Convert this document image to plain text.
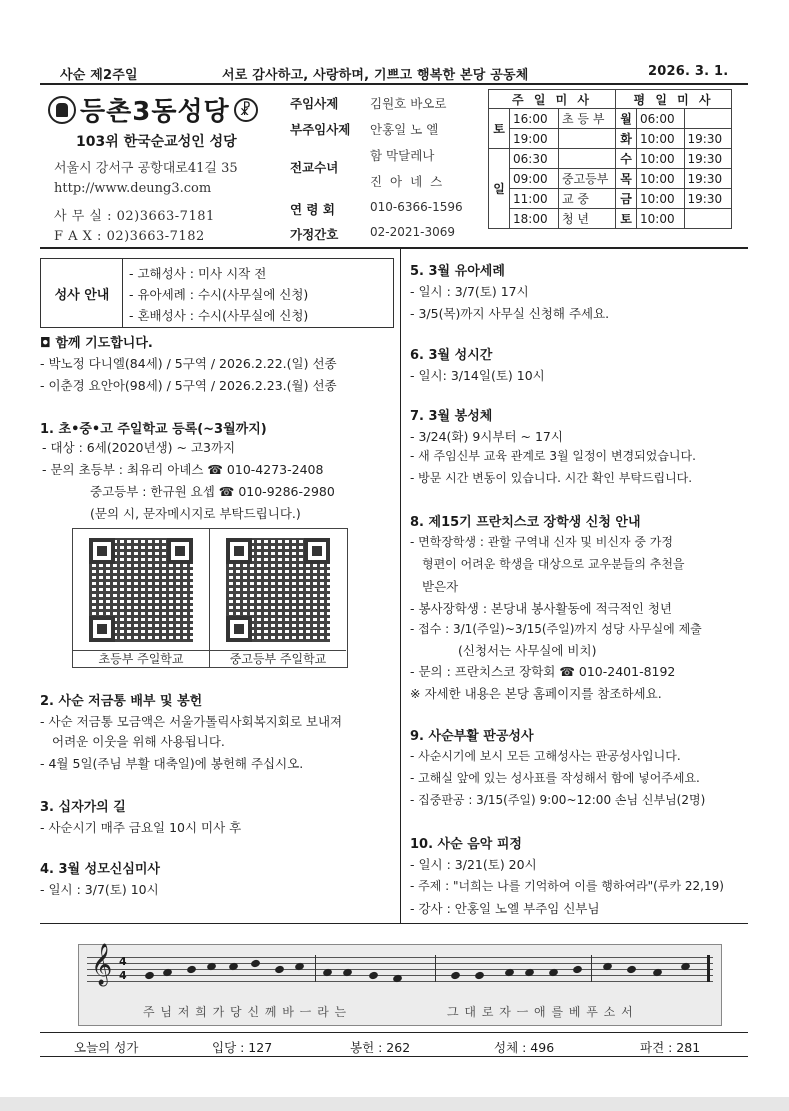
사순 제2주일	서로 감사하고, 사랑하며, 기쁘고 행복한 본당 공동체	2026. 3. 1.
등촌3동성당 ☧
103위 한국순교성인 성당
서울시 강서구 공항대로41길 35
http://www.deung3.com
사 무 실 : 02)3663-7181
F A X : 02)3663-7182
주임사제	김원호 바오로
부주임사제	안홍일 노 엘
전교수녀
함 막달레나
진 아 네 스
연 령 회	010-6366-1596
가정간호	02-2021-3069
주 일 미 사			평 일 미 사		
토	16:00	초 등 부	월	06:00	
	19:00		화	10:00	19:30
일	06:30		수	10:00	19:30
	09:00	중고등부	목	10:00	19:30
	11:00	교 중	금	10:00	19:30
	18:00	청 년	토	10:00	
성사 안내
- 고해성사 : 미사 시작 전
- 유아세례 : 수시(사무실에 신청)
- 혼배성사 : 수시(사무실에 신청)
◘ 함께 기도합니다.
- 박노정 다니엘(84세) / 5구역 / 2026.2.22.(일) 선종
- 이춘경 요안아(98세) / 5구역 / 2026.2.23.(월) 선종
1. 초•중•고 주일학교 등록(~3월까지)
- 대상 : 6세(2020년생) ~ 고3까지
- 문의 초등부 : 최유리 아녜스 ☎ 010-4273-2408
중고등부 : 한규원 요셉 ☎ 010-9286-2980
(문의 시, 문자메시지로 부탁드립니다.)
초등부 주일학교	중고등부 주일학교
2. 사순 저금통 배부 및 봉헌
- 사순 저금통 모금액은 서울가톨릭사회복지회로 보내져
어려운 이웃을 위해 사용됩니다.
- 4월 5일(주님 부활 대축일)에 봉헌해 주십시오.
3. 십자가의 길
- 사순시기 매주 금요일 10시 미사 후
4. 3월 성모신심미사
- 일시 : 3/7(토) 10시
5. 3월 유아세례
- 일시 : 3/7(토) 17시
- 3/5(목)까지 사무실 신청해 주세요.
6. 3월 성시간
- 일시: 3/14일(토) 10시
7. 3월 봉성체
- 3/24(화) 9시부터 ~ 17시
- 새 주임신부 교육 관계로 3월 일정이 변경되었습니다.
- 방문 시간 변동이 있습니다. 시간 확인 부탁드립니다.
8. 제15기 프란치스코 장학생 신청 안내
- 면학장학생 : 관할 구역내 신자 및 비신자 중 가정
형편이 어려운 학생을 대상으로 교우분들의 추천을
받은자
- 봉사장학생 : 본당내 봉사활동에 적극적인 청년
- 접수 : 3/1(주일)~3/15(주일)까지 성당 사무실에 제출
(신청서는 사무실에 비치)
- 문의 : 프란치스코 장학회 ☎ 010-2401-8192
※ 자세한 내용은 본당 홈페이지를 참조하세요.
9. 사순부활 판공성사
- 사순시기에 보시 모든 고해성사는 판공성사입니다.
- 고해실 앞에 있는 성사표를 작성해서 함에 넣어주세요.
- 집중판공 : 3/15(주일) 9:00~12:00 손님 신부님(2명)
10. 사순 음악 피정
- 일시 : 3/21(토) 20시
- 주제 : "너희는 나를 기억하여 이를 행하여라"(루카 22,19)
- 강사 : 안홍일 노엘 부주임 신부님
𝄞 4
4
주 님 저 희 가 당 신 께 바 ㅡ 라 는	그 대 로 자 ㅡ 애 를 베 푸 소 서
오늘의 성가	입당 : 127	봉헌 : 262	성체 : 496	파견 : 281
